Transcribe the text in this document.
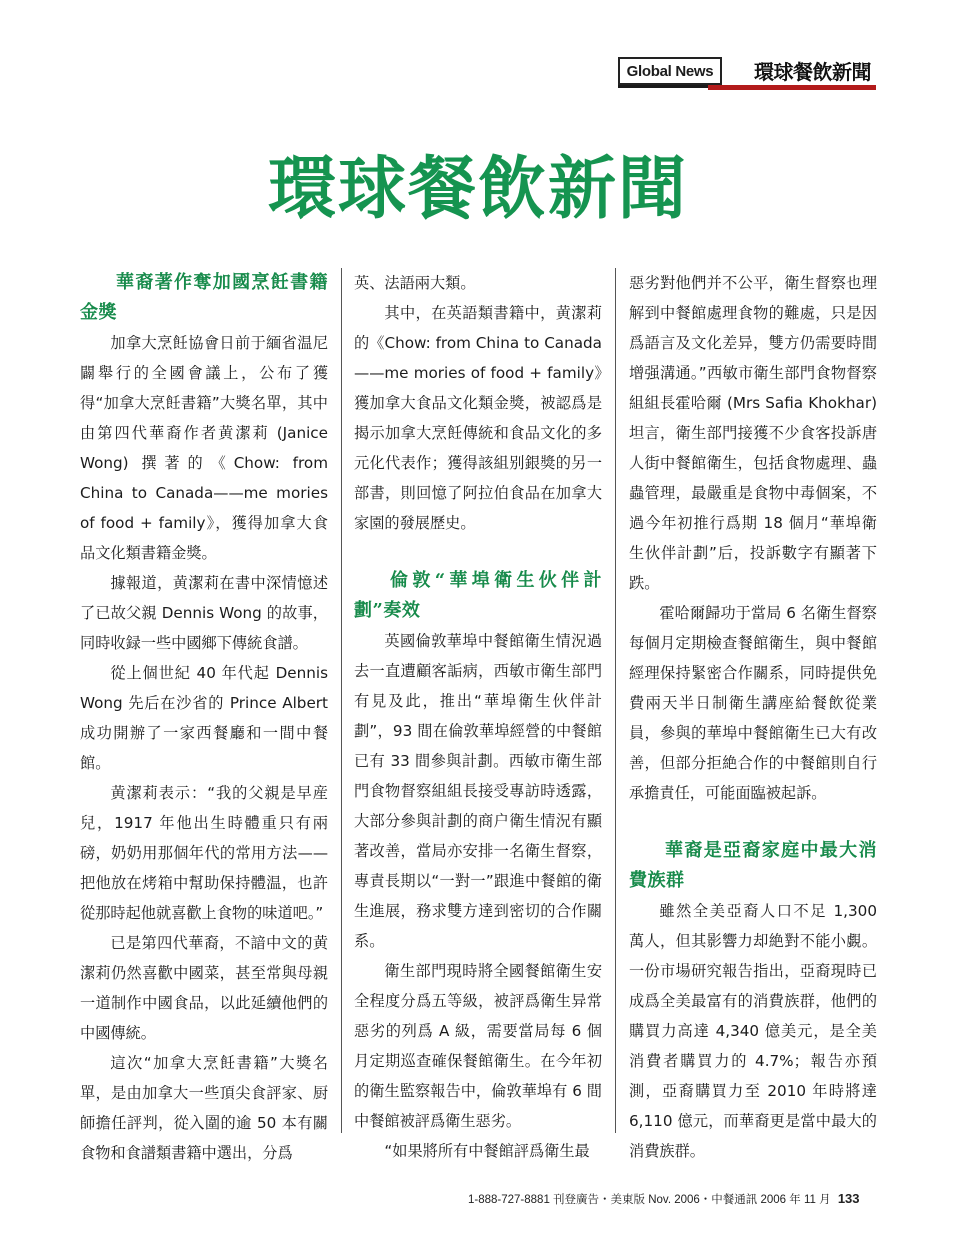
Global News	環球餐飲新聞
環球餐飲新聞
華裔著作奪加國烹飪書籍金獎

加拿大烹飪協會日前于緬省温尼闢舉行的全國會議上，公布了獲得“加拿大烹飪書籍”大獎名單，其中由第四代華裔作者黄潔莉 (Janice Wong) 撰著的《Chow: from China to Canada——me mories of food + family》，獲得加拿大食品文化類書籍金獎。

據報道，黄潔莉在書中深情憶述了已故父親 Dennis Wong 的故事，同時收録一些中國鄉下傳統食譜。

從上個世紀 40 年代起 Dennis Wong 先后在沙省的 Prince Albert 成功開辦了一家西餐廳和一間中餐館。

黄潔莉表示：“我的父親是早産兒，1917 年他出生時體重只有兩磅，奶奶用那個年代的常用方法——把他放在烤箱中幫助保持體温，也許從那時起他就喜歡上食物的味道吧。”

已是第四代華裔，不諳中文的黄潔莉仍然喜歡中國菜，甚至常與母親一道制作中國食品，以此延續他們的中國傳統。

這次“加拿大烹飪書籍”大獎名單，是由加拿大一些頂尖食評家、厨師擔任評判，從入圍的逾 50 本有關食物和食譜類書籍中選出，分爲

英、法語兩大類。

其中，在英語類書籍中，黄潔莉的《Chow: from China to Canada——me mories of food + family》獲加拿大食品文化類金獎，被認爲是揭示加拿大烹飪傳統和食品文化的多元化代表作；獲得該組别銀獎的另一部書，則回憶了阿拉伯食品在加拿大家園的發展歷史。

倫敦“華埠衛生伙伴計劃”奏效

英國倫敦華埠中餐館衛生情況過去一直遭顧客詬病，西敏市衛生部門有見及此，推出“華埠衛生伙伴計劃”，93 間在倫敦華埠經營的中餐館已有 33 間參與計劃。西敏市衛生部門食物督察組組長接受專訪時透露，大部分參與計劃的商户衛生情況有顯著改善，當局亦安排一名衛生督察，專責長期以“一對一”跟進中餐館的衛生進展，務求雙方達到密切的合作關系。

衛生部門現時將全國餐館衛生安全程度分爲五等級，被評爲衛生异常惡劣的列爲 A 級，需要當局每 6 個月定期巡查確保餐館衛生。在今年初的衛生監察報告中，倫敦華埠有 6 間中餐館被評爲衛生惡劣。

“如果將所有中餐館評爲衛生最

惡劣對他們并不公平，衛生督察也理解到中餐館處理食物的難處，只是因爲語言及文化差异，雙方仍需要時間增强溝通。”西敏市衛生部門食物督察組組長霍哈爾 (Mrs Safia Khokhar) 坦言，衛生部門接獲不少食客投訴唐人街中餐館衛生，包括食物處理、蟲蟲管理，最嚴重是食物中毒個案，不過今年初推行爲期 18 個月“華埠衛生伙伴計劃”后，投訴數字有顯著下跌。

霍哈爾歸功于當局 6 名衛生督察每個月定期檢查餐館衛生，與中餐館經理保持緊密合作關系，同時提供免費兩天半日制衛生講座給餐飲從業員，參與的華埠中餐館衛生已大有改善，但部分拒絶合作的中餐館則自行承擔責任，可能面臨被起訴。

華裔是亞裔家庭中最大消費族群

雖然全美亞裔人口不足 1,300 萬人，但其影響力却絶對不能小覷。一份市場研究報告指出，亞裔現時已成爲全美最富有的消費族群，他們的購買力高達 4,340 億美元，是全美消費者購買力的 4.7%；報告亦預測，亞裔購買力至 2010 年時將達 6,110 億元，而華裔更是當中最大的消費族群。

1-888-727-8881 刊登廣告・美東版 Nov. 2006・中餐通訊 2006 年 11 月 133
